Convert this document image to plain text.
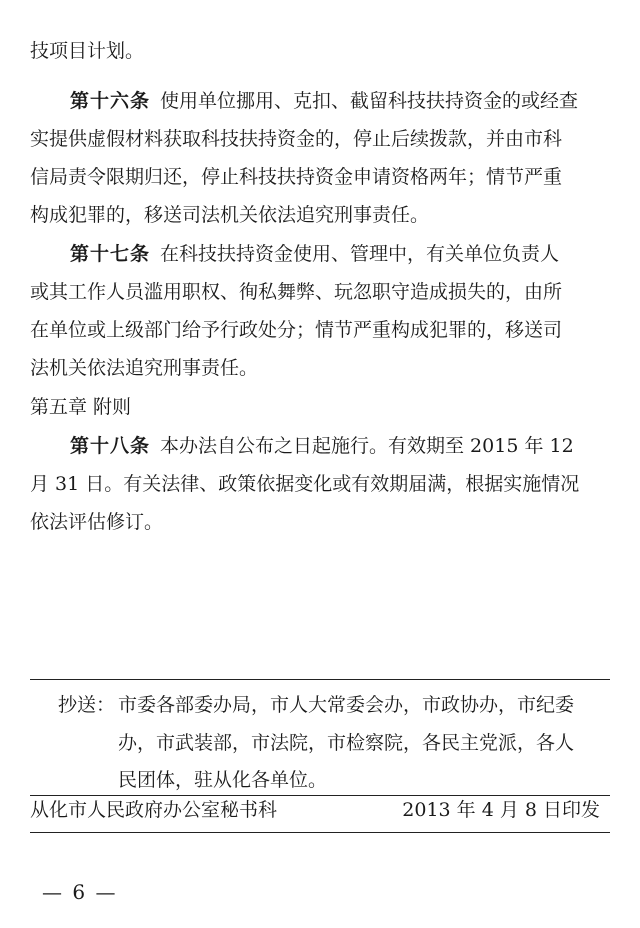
技项目计划。
第十六条 使用单位挪用、克扣、截留科技扶持资金的或经查
实提供虚假材料获取科技扶持资金的，停止后续拨款，并由市科
信局责令限期归还，停止科技扶持资金申请资格两年；情节严重
构成犯罪的，移送司法机关依法追究刑事责任。
第十七条 在科技扶持资金使用、管理中，有关单位负责人
或其工作人员滥用职权、徇私舞弊、玩忽职守造成损失的，由所
在单位或上级部门给予行政处分；情节严重构成犯罪的，移送司
法机关依法追究刑事责任。
第五章 附则
第十八条 本办法自公布之日起施行。有效期至 2015 年 12
月 31 日。有关法律、政策依据变化或有效期届满，根据实施情况
依法评估修订。
抄送： 市委各部委办局，市人大常委会办，市政协办，市纪委
办，市武装部，市法院，市检察院，各民主党派，各人
民团体，驻从化各单位。
从化市人民政府办公室秘书科	2013 年 4 月 8 日印发
— 6 —
